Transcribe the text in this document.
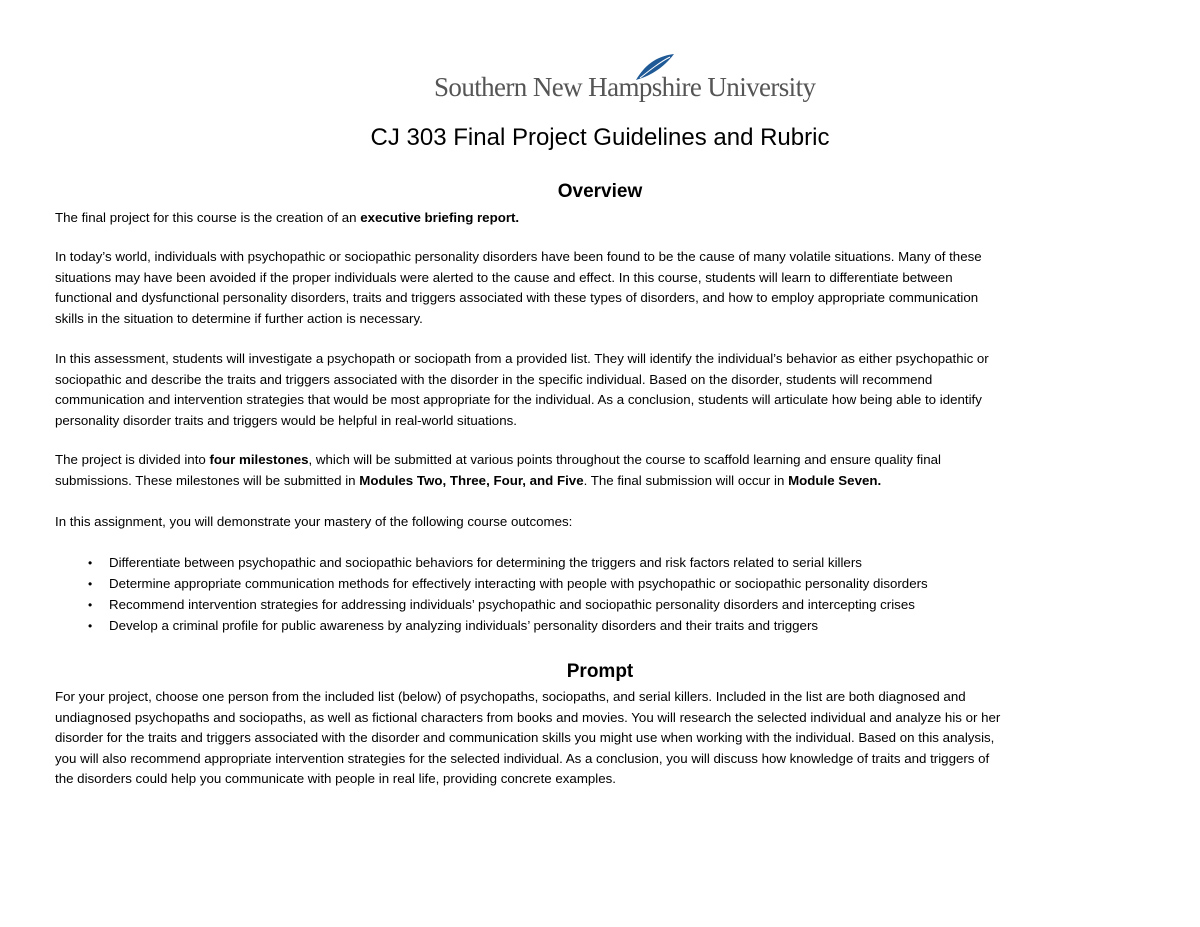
Southern New Hampshire University
CJ 303 Final Project Guidelines and Rubric
Overview
The final project for this course is the creation of an executive briefing report.
In today’s world, individuals with psychopathic or sociopathic personality disorders have been found to be the cause of many volatile situations. Many of these
situations may have been avoided if the proper individuals were alerted to the cause and effect. In this course, students will learn to differentiate between
functional and dysfunctional personality disorders, traits and triggers associated with these types of disorders, and how to employ appropriate communication
skills in the situation to determine if further action is necessary.
In this assessment, students will investigate a psychopath or sociopath from a provided list. They will identify the individual’s behavior as either psychopathic or
sociopathic and describe the traits and triggers associated with the disorder in the specific individual. Based on the disorder, students will recommend
communication and intervention strategies that would be most appropriate for the individual. As a conclusion, students will articulate how being able to identify
personality disorder traits and triggers would be helpful in real-world situations.
The project is divided into four milestones, which will be submitted at various points throughout the course to scaffold learning and ensure quality final
submissions. These milestones will be submitted in Modules Two, Three, Four, and Five. The final submission will occur in Module Seven.
In this assignment, you will demonstrate your mastery of the following course outcomes:
•	Differentiate between psychopathic and sociopathic behaviors for determining the triggers and risk factors related to serial killers
•	Determine appropriate communication methods for effectively interacting with people with psychopathic or sociopathic personality disorders
•	Recommend intervention strategies for addressing individuals’ psychopathic and sociopathic personality disorders and intercepting crises
•	Develop a criminal profile for public awareness by analyzing individuals’ personality disorders and their traits and triggers
Prompt
For your project, choose one person from the included list (below) of psychopaths, sociopaths, and serial killers. Included in the list are both diagnosed and
undiagnosed psychopaths and sociopaths, as well as fictional characters from books and movies. You will research the selected individual and analyze his or her
disorder for the traits and triggers associated with the disorder and communication skills you might use when working with the individual. Based on this analysis,
you will also recommend appropriate intervention strategies for the selected individual. As a conclusion, you will discuss how knowledge of traits and triggers of
the disorders could help you communicate with people in real life, providing concrete examples.
